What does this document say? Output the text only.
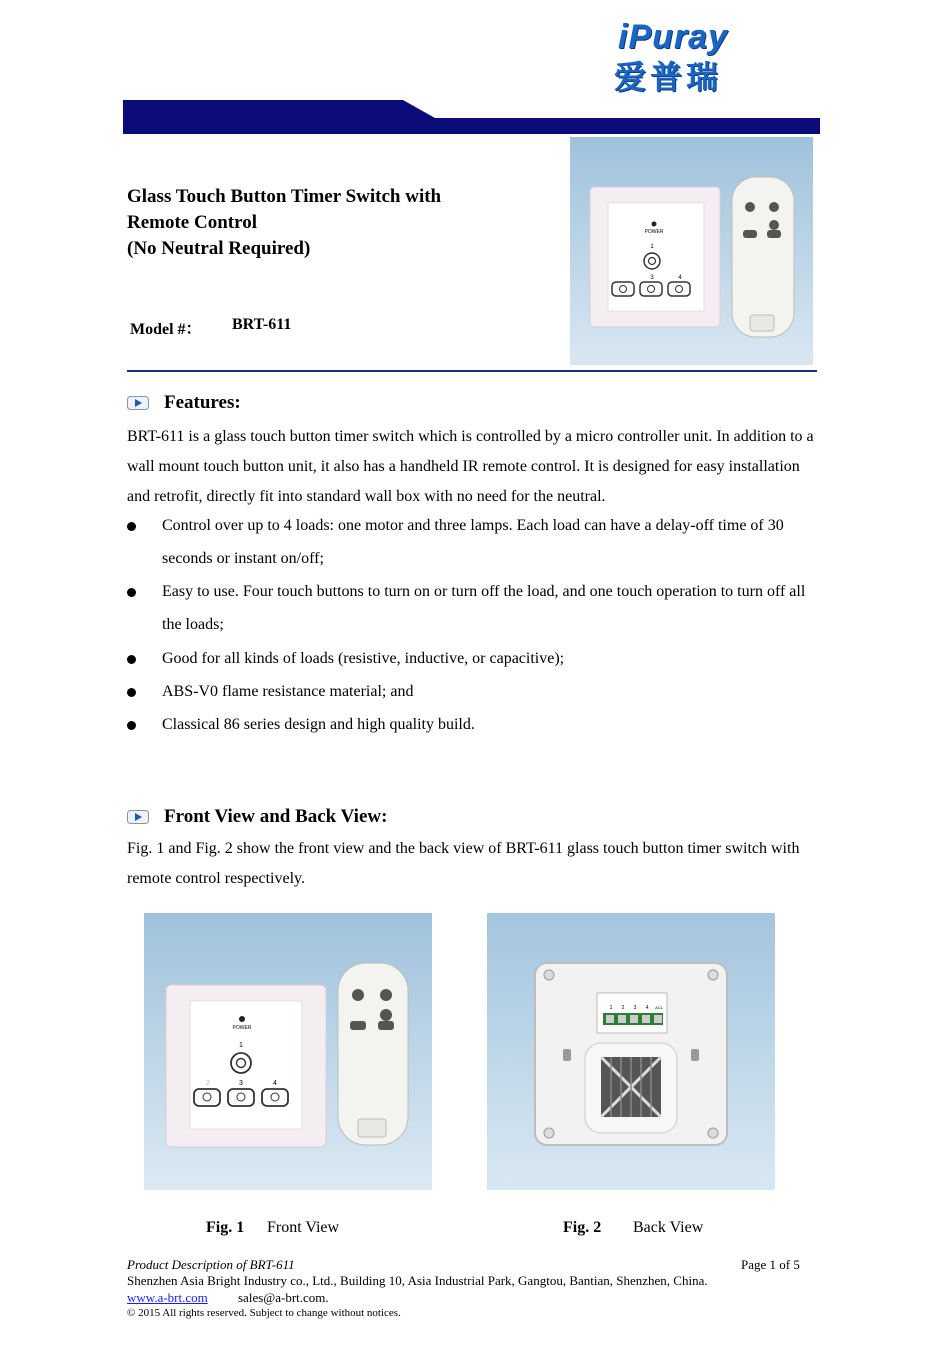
iPuray
爱普瑞
Glass Touch Button Timer Switch with
Remote Control
(No Neutral Required)
Model #： BRT-611
POWER
1
3	4
Features:
BRT-611 is a glass touch button timer switch which is controlled by a micro controller unit. In addition to a wall mount touch button unit, it also has a handheld IR remote control. It is designed for easy installation and retrofit, directly fit into standard wall box with no need for the neutral.
Control over up to 4 loads: one motor and three lamps. Each load can have a delay-off time of 30 seconds or instant on/off;
Easy to use. Four touch buttons to turn on or turn off the load, and one touch operation to turn off all the loads;
Good for all kinds of loads (resistive, inductive, or capacitive);
ABS-V0 flame resistance material; and
Classical 86 series design and high quality build.
Front View and Back View:
Fig. 1 and Fig. 2 show the front view and the back view of BRT-611 glass touch button timer switch with remote control respectively.
POWER
1
2	3	4
1 2 3 4 ACL
Fig. 1 Front View	Fig. 2 Back View
Product Description of BRT-611	Page 1 of 5
Shenzhen Asia Bright Industry co., Ltd., Building 10, Asia Industrial Park, Gangtou, Bantian, Shenzhen, China.
www.a-brt.com sales@a-brt.com.
© 2015 All rights reserved. Subject to change without notices.
